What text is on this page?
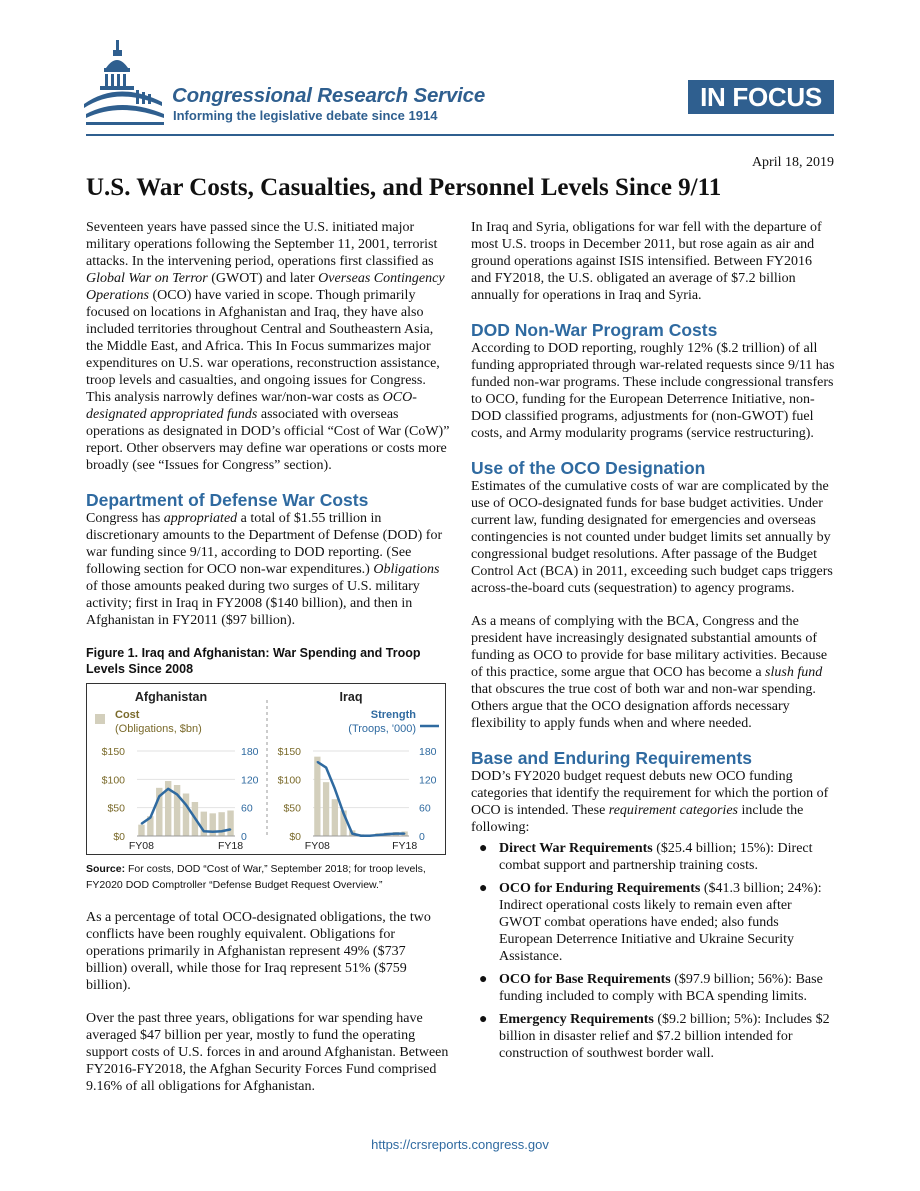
Congressional Research Service
Informing the legislative debate since 1914
IN FOCUS
April 18, 2019
U.S. War Costs, Casualties, and Personnel Levels Since 9/11

Seventeen years have passed since the U.S. initiated major military operations following the September 11, 2001, terrorist attacks. In the intervening period, operations first classified as Global War on Terror (GWOT) and later Overseas Contingency Operations (OCO) have varied in scope. Though primarily focused on locations in Afghanistan and Iraq, they have also included territories throughout Central and Southeastern Asia, the Middle East, and Africa. This In Focus summarizes major expenditures on U.S. war operations, reconstruction assistance, troop levels and casualties, and ongoing issues for Congress. This analysis narrowly defines war/non-war costs as OCO-designated appropriated funds associated with overseas operations as designated in DOD’s official “Cost of War (CoW)” report. Other observers may define war operations or costs more broadly (see “Issues for Congress” section).

Department of Defense War Costs

Congress has appropriated a total of $1.55 trillion in discretionary amounts to the Department of Defense (DOD) for war funding since 9/11, according to DOD reporting. (See following section for OCO non-war expenditures.) Obligations of those amounts peaked during two surges of U.S. military activity; first in Iraq in FY2008 ($140 billion), and then in Afghanistan in FY2011 ($97 billion).

Figure 1. Iraq and Afghanistan: War Spending and Troop Levels Since 2008
Cost
(Obligations, $bn)
Strength
(Troops, '000)
Afghanistan
$0
$50
$100
$150
0
60
120
180
FY08	FY18
Iraq
$0
$50
$100
$150
0
60
120
180
FY08	FY18

Source: For costs, DOD “Cost of War,” September 2018; for troop levels, FY2020 DOD Comptroller “Defense Budget Request Overview.”

As a percentage of total OCO-designated obligations, the two conflicts have been roughly equivalent. Obligations for operations primarily in Afghanistan represent 49% ($737 billion) overall, while those for Iraq represent 51% ($759 billion).

Over the past three years, obligations for war spending have averaged $47 billion per year, mostly to fund the operating support costs of U.S. forces in and around Afghanistan. Between FY2016-FY2018, the Afghan Security Forces Fund comprised 9.16% of all obligations for Afghanistan.

In Iraq and Syria, obligations for war fell with the departure of most U.S. troops in December 2011, but rose again as air and ground operations against ISIS intensified. Between FY2016 and FY2018, the U.S. obligated an average of $7.2 billion annually for operations in Iraq and Syria.

DOD Non-War Program Costs

According to DOD reporting, roughly 12% ($.2 trillion) of all funding appropriated through war-related requests since 9/11 has funded non-war programs. These include congressional transfers to OCO, funding for the European Deterrence Initiative, non-DOD classified programs, adjustments for (non-GWOT) fuel costs, and Army modularity programs (service restructuring).

Use of the OCO Designation

Estimates of the cumulative costs of war are complicated by the use of OCO-designated funds for base budget activities. Under current law, funding designated for emergencies and overseas contingencies is not counted under budget limits set annually by congressional budget resolutions. After passage of the Budget Control Act (BCA) in 2011, exceeding such budget caps triggers across-the-board cuts (sequestration) to agency programs.

As a means of complying with the BCA, Congress and the president have increasingly designated substantial amounts of funding as OCO to provide for base military activities. Because of this practice, some argue that OCO has become a slush fund that obscures the true cost of both war and non-war spending. Others argue that the OCO designation affords necessary flexibility to apply funds when and where needed.

Base and Enduring Requirements

DOD’s FY2020 budget request debuts new OCO funding categories that identify the requirement for which the portion of OCO is intended. These requirement categories include the following:

● Direct War Requirements ($25.4 billion; 15%): Direct combat support and partnership training costs.
● OCO for Enduring Requirements ($41.3 billion; 24%): Indirect operational costs likely to remain even after GWOT combat operations have ended; also funds European Deterrence Initiative and Ukraine Security Assistance.
● OCO for Base Requirements ($97.9 billion; 56%): Base funding included to comply with BCA spending limits.
● Emergency Requirements ($9.2 billion; 5%): Includes $2 billion in disaster relief and $7.2 billion intended for construction of southwest border wall.
https://crsreports.congress.gov
